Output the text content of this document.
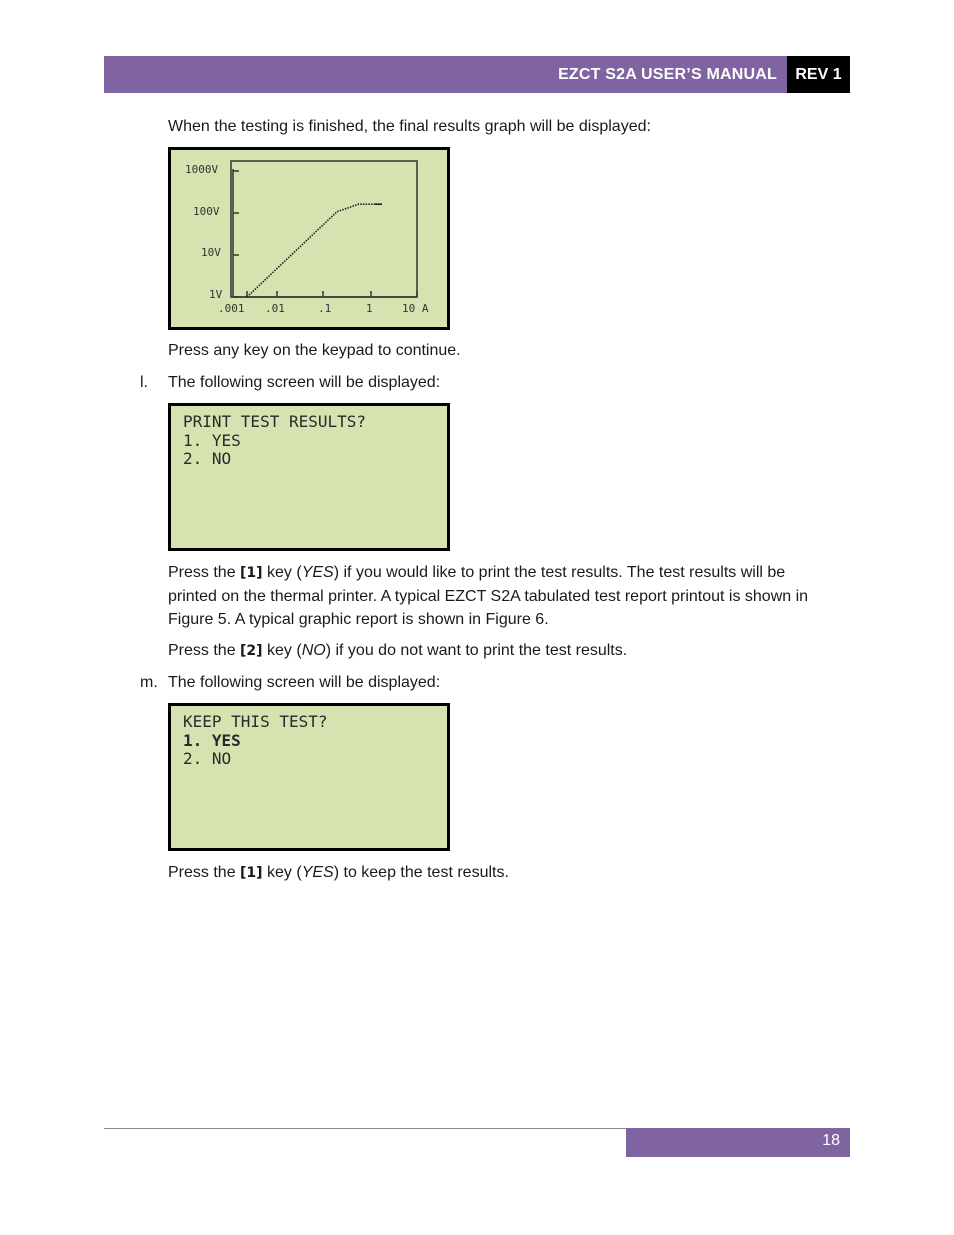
EZCT S2A USER’S MANUAL	REV 1

When the testing is finished, the final results graph will be displayed:

1000V
100V
10V
1V
.001 .01	.1	1	10 A

Press any key on the keypad to continue.

l. The following screen will be displayed:

PRINT TEST RESULTS?
1. YES
2. NO

Press the [1] key (YES) if you would like to print the test results. The test results will be printed on the thermal printer. A typical EZCT S2A tabulated test report printout is shown in Figure 5. A typical graphic report is shown in Figure 6.

Press the [2] key (NO) if you do not want to print the test results.

m. The following screen will be displayed:

KEEP THIS TEST?
1. YES
2. NO

Press the [1] key (YES) to keep the test results.

18
